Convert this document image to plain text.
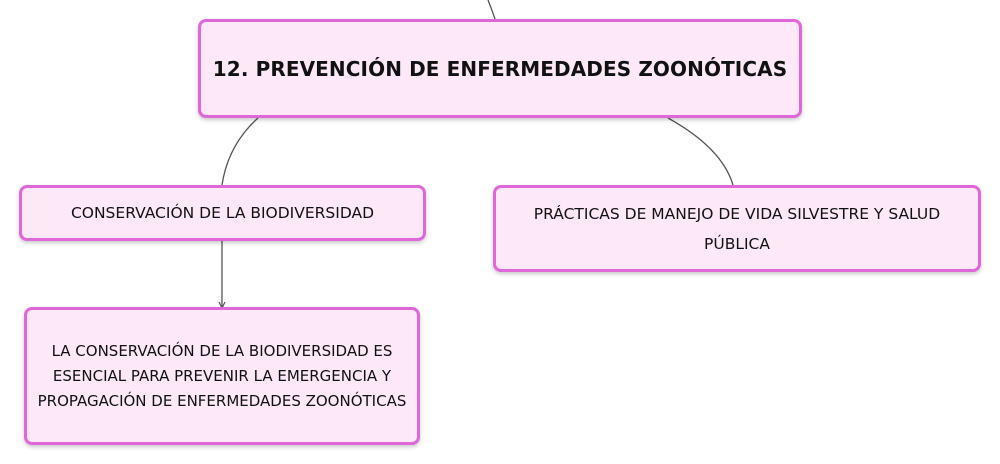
12. PREVENCIÓN DE ENFERMEDADES ZOONÓTICAS
CONSERVACIÓN DE LA BIODIVERSIDAD	PRÁCTICAS DE MANEJO DE VIDA SILVESTRE Y SALUD PÚBLICA
LA CONSERVACIÓN DE LA BIODIVERSIDAD ES ESENCIAL PARA PREVENIR LA EMERGENCIA Y PROPAGACIÓN DE ENFERMEDADES ZOONÓTICAS
